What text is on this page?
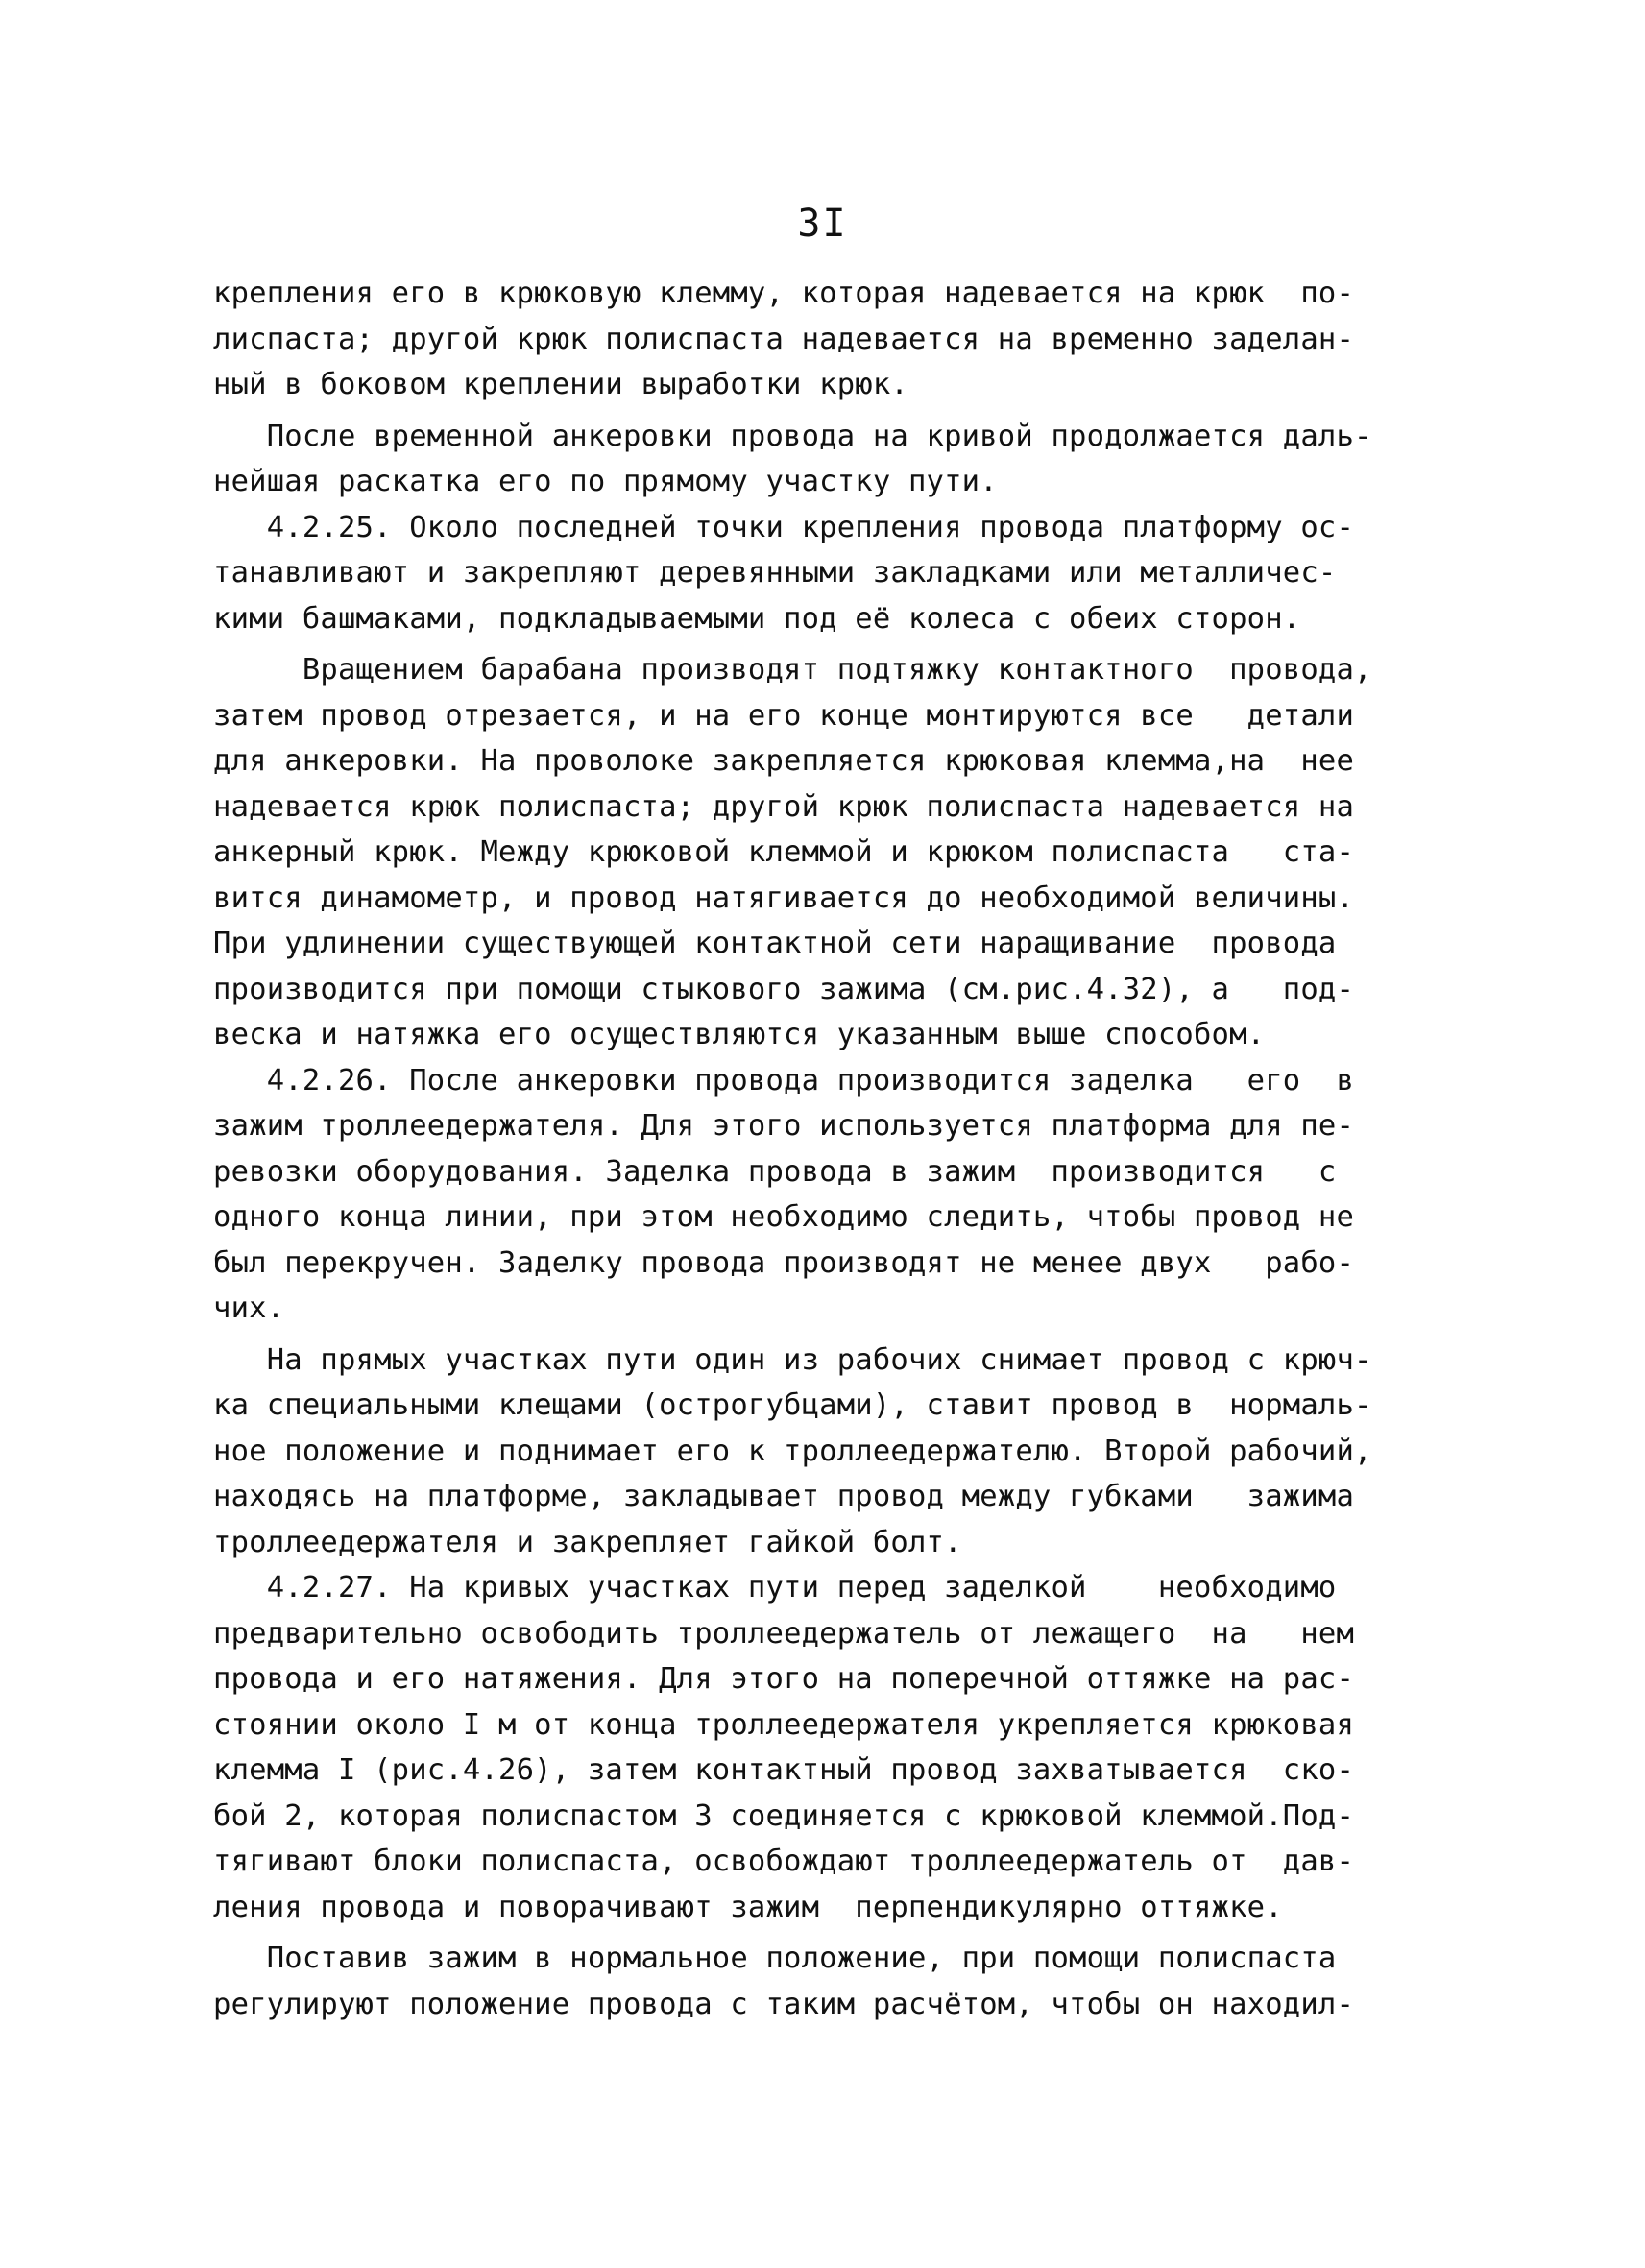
3I
крепления его в крюковую клемму, которая надевается на крюк  по-
лиспаста; другой крюк полиспаста надевается на временно заделан-
ный в боковом креплении выработки крюк.
После временной анкеровки провода на кривой продолжается даль-
нейшая раскатка его по прямому участку пути.
4.2.25. Около последней точки крепления провода платформу ос-
танавливают и закрепляют деревянными закладками или металличес-
кими башмаками, подкладываемыми под её колеса с обеих сторон.
Вращением барабана производят подтяжку контактного  провода,
затем провод отрезается, и на его конце монтируются все   детали
для анкеровки. На проволоке закрепляется крюковая клемма,на  нее
надевается крюк полиспаста; другой крюк полиспаста надевается на
анкерный крюк. Между крюковой клеммой и крюком полиспаста   ста-
вится динамометр, и провод натягивается до необходимой величины.
При удлинении существующей контактной сети наращивание  провода
производится при помощи стыкового зажима (см.рис.4.32), а   под-
веска и натяжка его осуществляются указанным выше способом.
4.2.26. После анкеровки провода производится заделка   его  в
зажим троллеедержателя. Для этого используется платформа для пе-
ревозки оборудования. Заделка провода в зажим  производится   с
одного конца линии, при этом необходимо следить, чтобы провод не
был перекручен. Заделку провода производят не менее двух   рабо-
чих.
На прямых участках пути один из рабочих снимает провод с крюч-
ка специальными клещами (острогубцами), ставит провод в  нормаль-
ное положение и поднимает его к троллеедержателю. Второй рабочий,
находясь на платформе, закладывает провод между губками   зажима
троллеедержателя и закрепляет гайкой болт.
4.2.27. На кривых участках пути перед заделкой    необходимо
предварительно освободить троллеедержатель от лежащего  на   нем
провода и его натяжения. Для этого на поперечной оттяжке на рас-
стоянии около I м от конца троллеедержателя укрепляется крюковая
клемма I (рис.4.26), затем контактный провод захватывается  ско-
бой 2, которая полиспастом 3 соединяется с крюковой клеммой.Под-
тягивают блоки полиспаста, освобождают троллеедержатель от  дав-
ления провода и поворачивают зажим  перпендикулярно оттяжке.
Поставив зажим в нормальное положение, при помощи полиспаста
регулируют положение провода с таким расчётом, чтобы он находил-
